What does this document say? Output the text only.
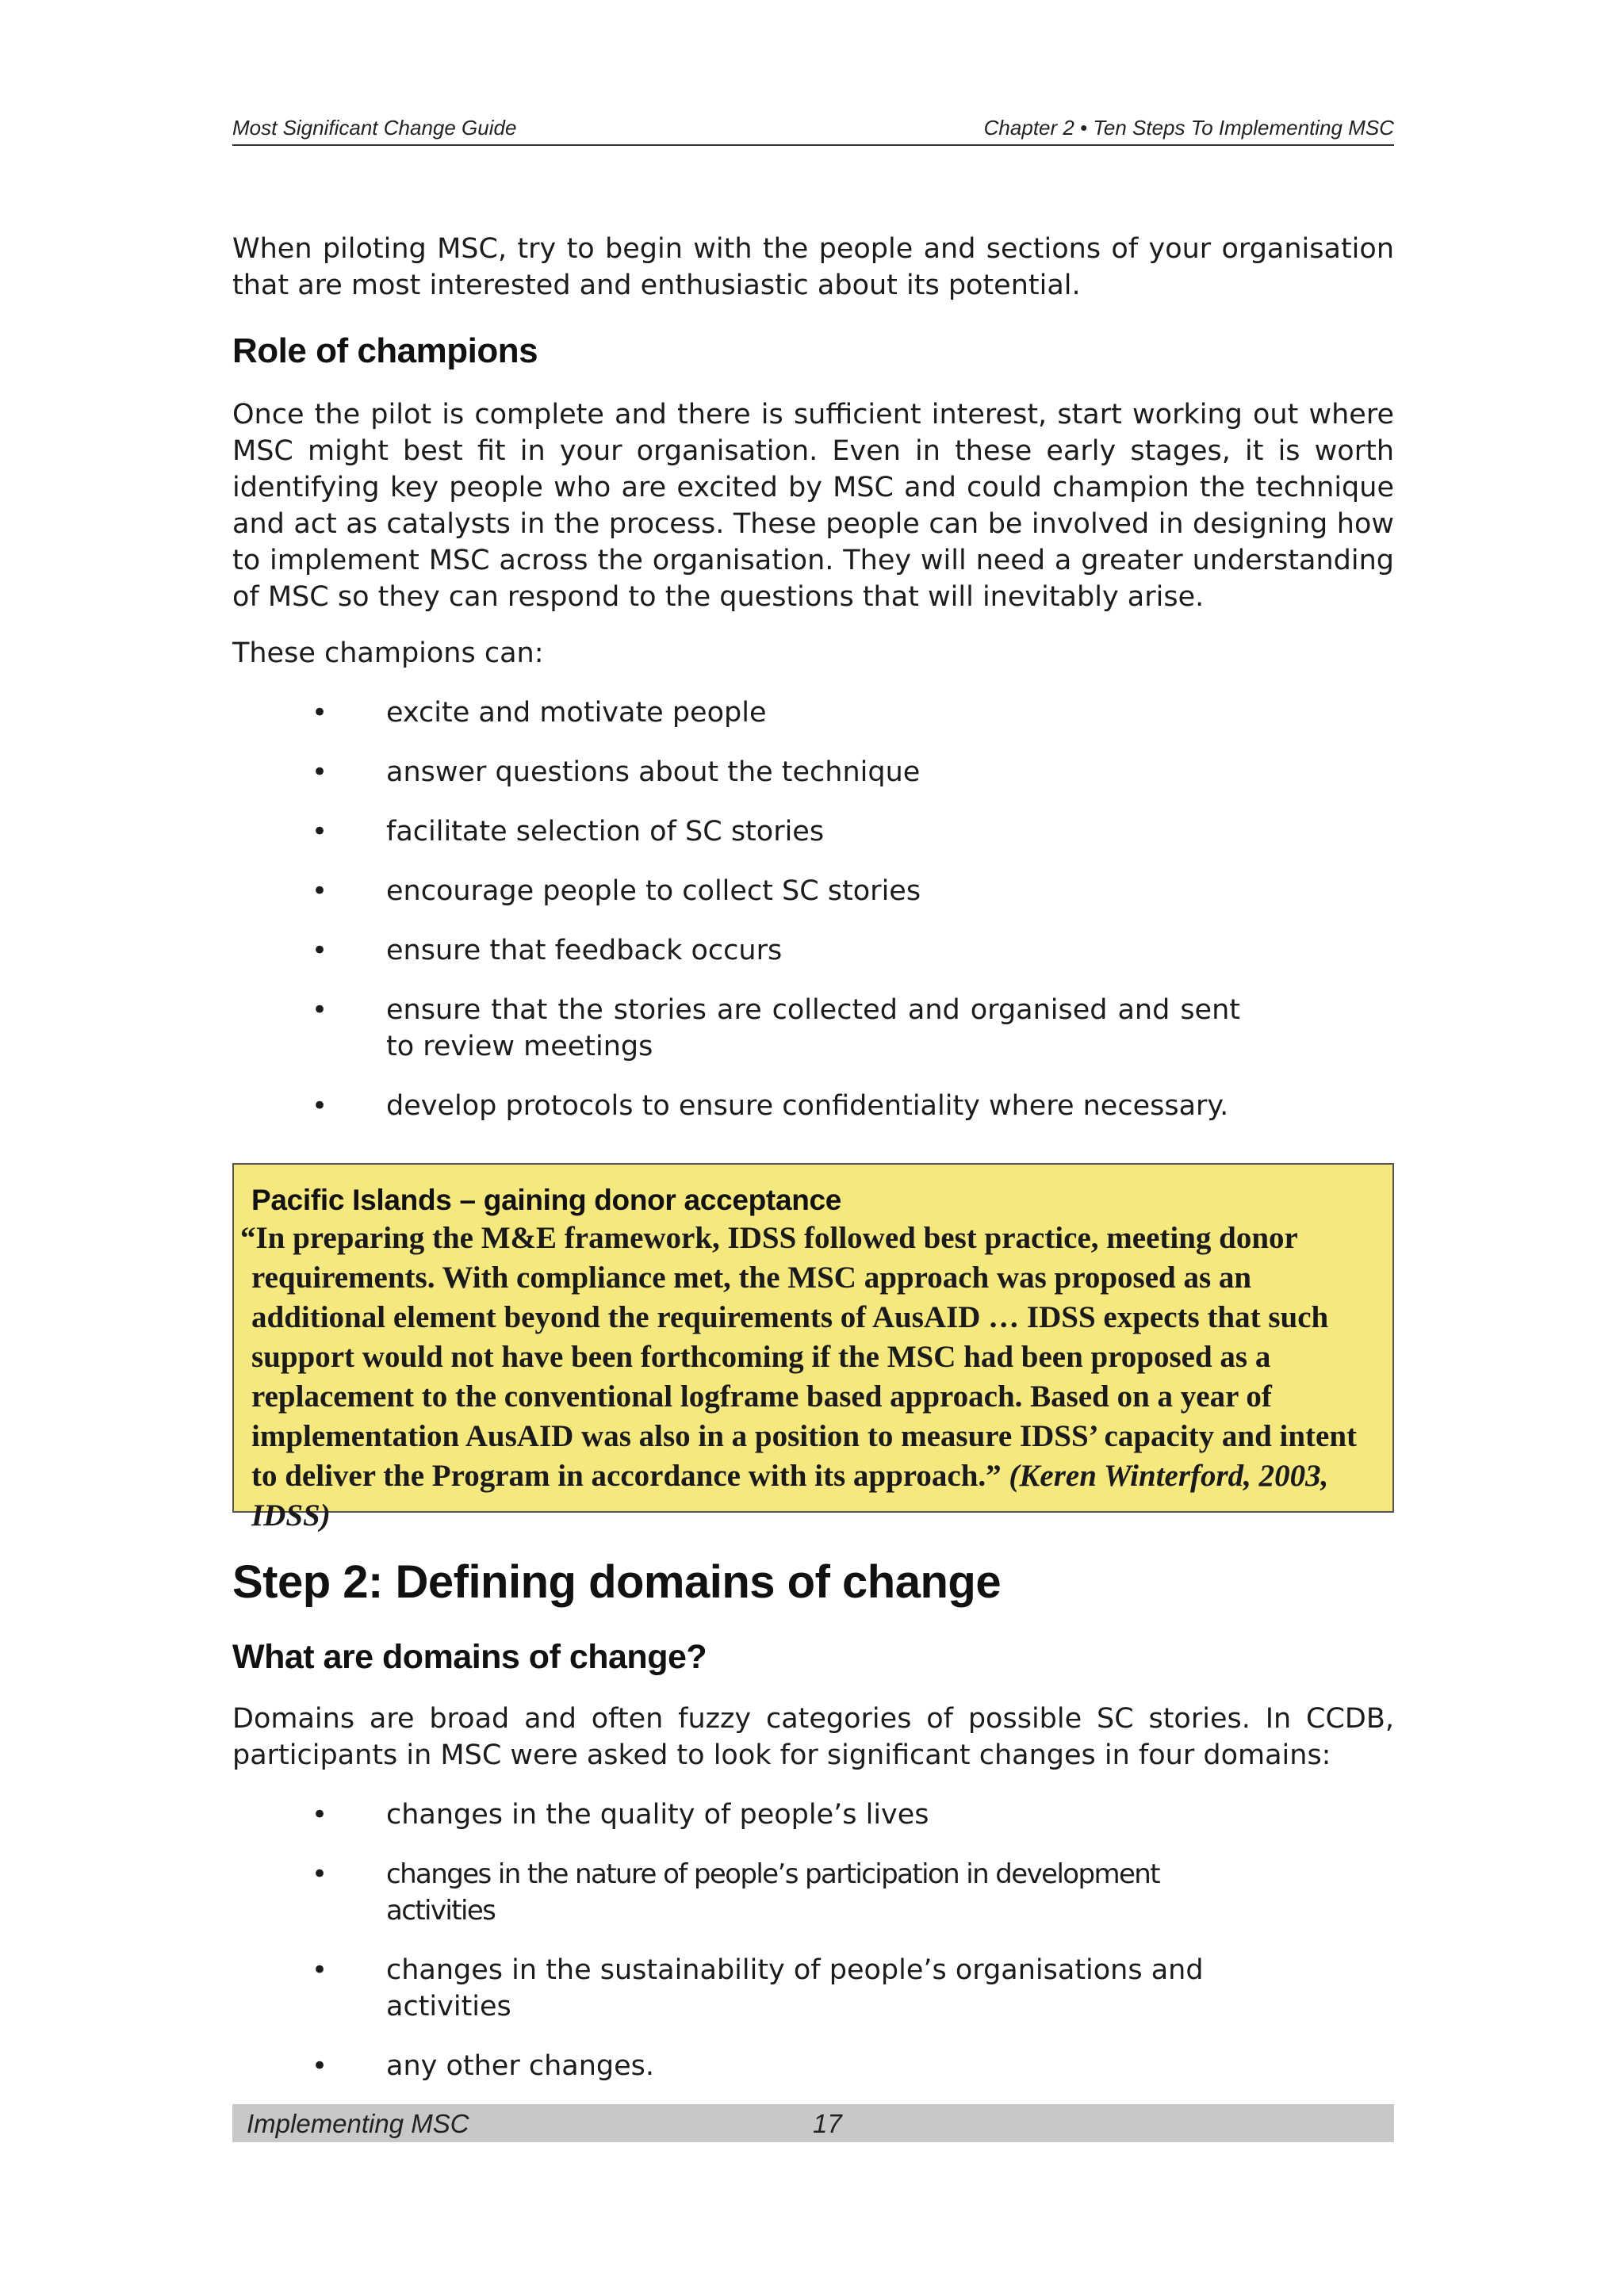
Most Significant Change Guide	Chapter 2 • Ten Steps To Implementing MSC

When piloting MSC, try to begin with the people and sections of your organisation that are most interested and enthusiastic about its potential.

Role of champions

Once the pilot is complete and there is sufficient interest, start working out where MSC might best fit in your organisation. Even in these early stages, it is worth identifying key people who are excited by MSC and could champion the technique and act as catalysts in the process. These people can be involved in designing how to implement MSC across the organisation. They will need a greater understanding of MSC so they can respond to the questions that will inevitably arise.

These champions can:

• excite and motivate people
• answer questions about the technique
• facilitate selection of SC stories
• encourage people to collect SC stories
• ensure that feedback occurs
• ensure that the stories are collected and organised and sent to review meetings
• develop protocols to ensure confidentiality where necessary.
Step 2: Defining domains of change
What are domains of change?

Domains are broad and often fuzzy categories of possible SC stories. In CCDB, participants in MSC were asked to look for significant changes in four domains:

• changes in the quality of people’s lives
• changes in the nature of people’s participation in development activities
• changes in the sustainability of people’s organisations and activities
• any other changes.
Pacific Islands – gaining donor acceptance
“In preparing the M&E framework, IDSS followed best practice, meeting donor requirements. With compliance met, the MSC approach was proposed as an additional element beyond the requirements of AusAID … IDSS expects that such support would not have been forthcoming if the MSC had been proposed as a replacement to the conventional logframe based approach. Based on a year of implementation AusAID was also in a position to measure IDSS’ capacity and intent to deliver the Program in accordance with its approach.” (Keren Winterford, 2003, IDSS)
Implementing MSC	17
